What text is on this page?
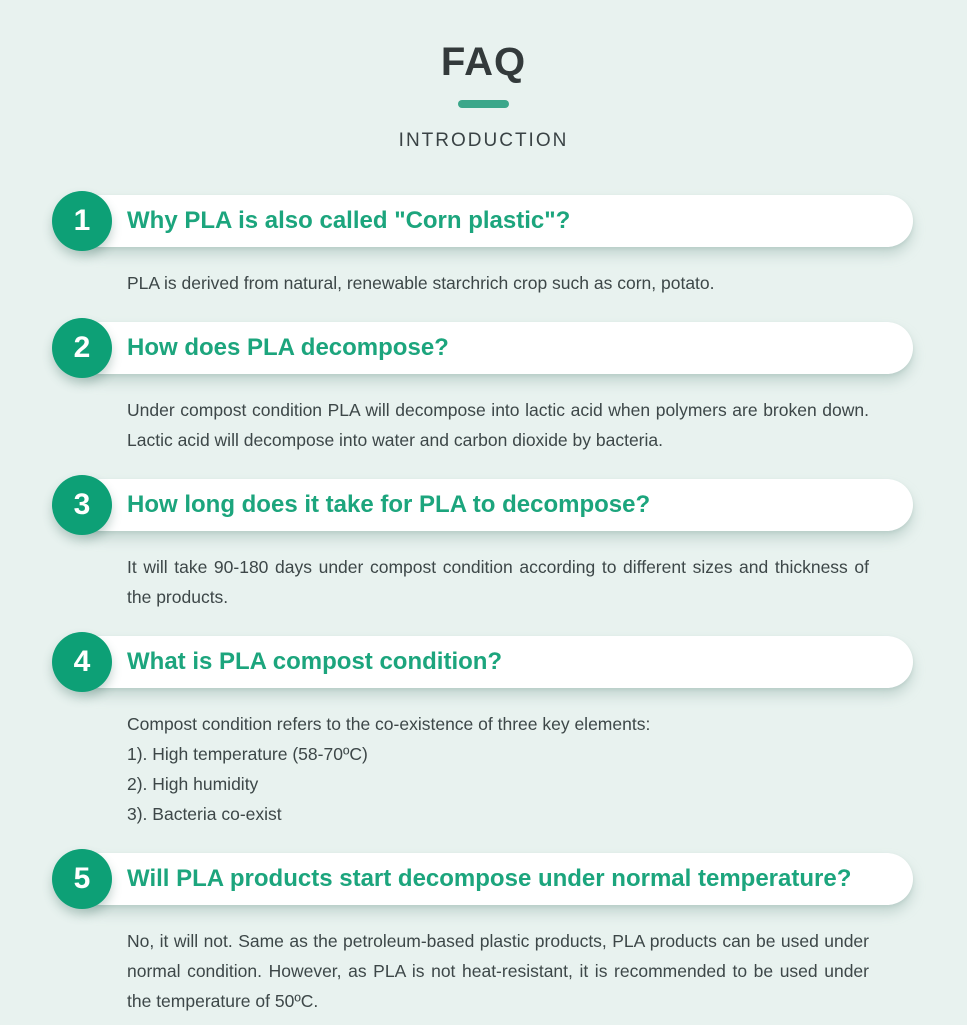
FAQ
INTRODUCTION
1	Why PLA is also called "Corn plastic"?
PLA is derived from natural, renewable starchrich crop such as corn, potato.
2	How does PLA decompose?
Under compost condition PLA will decompose into lactic acid when polymers are broken down. Lactic acid will decompose into water and carbon dioxide by bacteria.
3	How long does it take for PLA to decompose?
It will take 90-180 days under compost condition according to different sizes and thickness of the products.
4	What is PLA compost condition?
Compost condition refers to the co-existence of three key elements:
1). High temperature (58-70ºC)
2). High humidity
3). Bacteria co-exist
5	Will PLA products start decompose under normal temperature?
No, it will not. Same as the petroleum-based plastic products, PLA products can be used under normal condition. However, as PLA is not heat-resistant, it is recommended to be used under the temperature of 50ºC.
